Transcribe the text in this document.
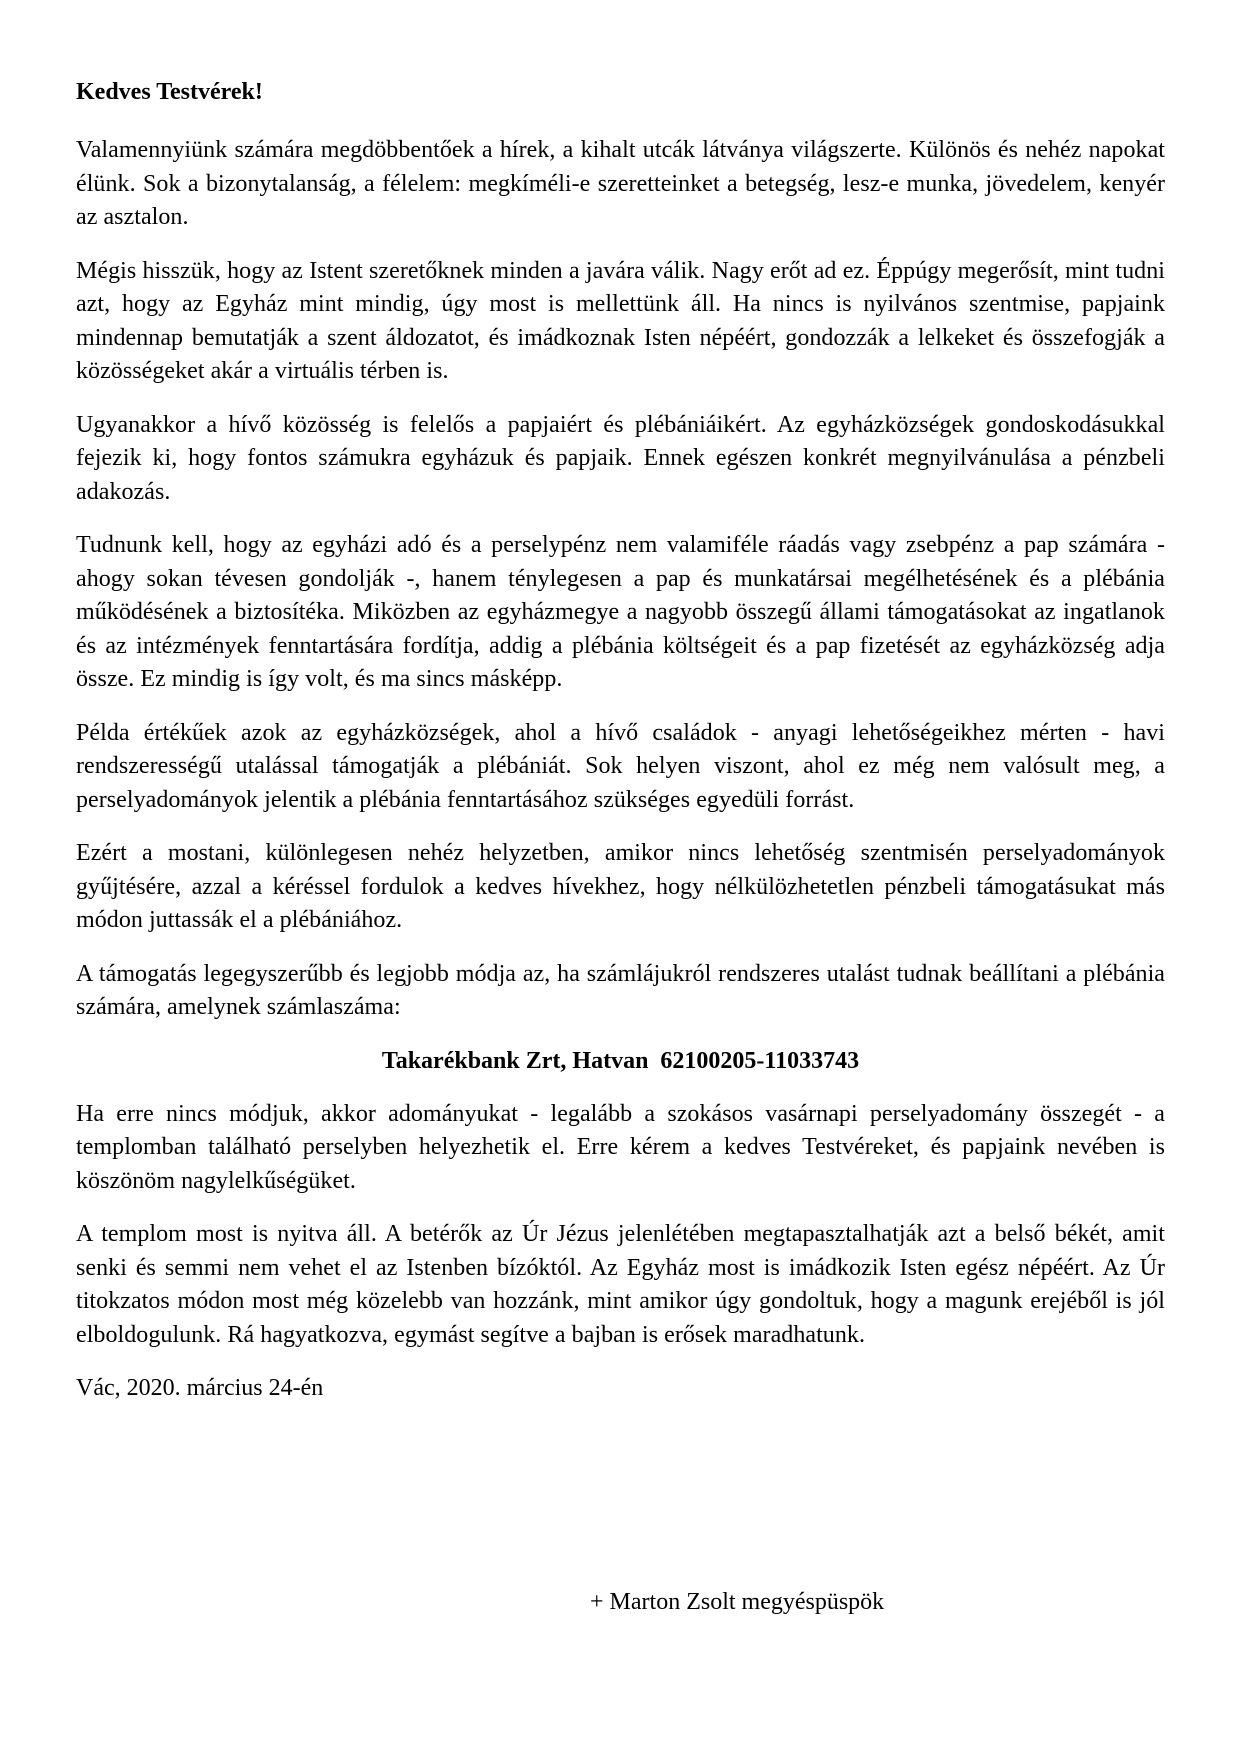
Kedves Testvérek!

Valamennyiünk számára megdöbbentőek a hírek, a kihalt utcák látványa világszerte. Különös és nehéz napokat élünk. Sok a bizonytalanság, a félelem: megkíméli-e szeretteinket a betegség, lesz-e munka, jövedelem, kenyér az asztalon.

Mégis hisszük, hogy az Istent szeretőknek minden a javára válik. Nagy erőt ad ez. Éppúgy megerősít, mint tudni azt, hogy az Egyház mint mindig, úgy most is mellettünk áll. Ha nincs is nyilvános szentmise, papjaink mindennap bemutatják a szent áldozatot, és imádkoznak Isten népéért, gondozzák a lelkeket és összefogják a közösségeket akár a virtuális térben is.

Ugyanakkor a hívő közösség is felelős a papjaiért és plébániáikért. Az egyházközségek gondoskodásukkal fejezik ki, hogy fontos számukra egyházuk és papjaik. Ennek egészen konkrét megnyilvánulása a pénzbeli adakozás.

Tudnunk kell, hogy az egyházi adó és a perselypénz nem valamiféle ráadás vagy zsebpénz a pap számára - ahogy sokan tévesen gondolják -, hanem ténylegesen a pap és munkatársai megélhetésének és a plébánia működésének a biztosítéka. Miközben az egyházmegye a nagyobb összegű állami támogatásokat az ingatlanok és az intézmények fenntartására fordítja, addig a plébánia költségeit és a pap fizetését az egyházközség adja össze. Ez mindig is így volt, és ma sincs másképp.

Példa értékűek azok az egyházközségek, ahol a hívő családok - anyagi lehetőségeikhez mérten - havi rendszerességű utalással támogatják a plébániát. Sok helyen viszont, ahol ez még nem valósult meg, a perselyadományok jelentik a plébánia fenntartásához szükséges egyedüli forrást.

Ezért a mostani, különlegesen nehéz helyzetben, amikor nincs lehetőség szentmisén perselyadományok gyűjtésére, azzal a kéréssel fordulok a kedves hívekhez, hogy nélkülözhetetlen pénzbeli támogatásukat más módon juttassák el a plébániához.

A támogatás legegyszerűbb és legjobb módja az, ha számlájukról rendszeres utalást tudnak beállítani a plébánia számára, amelynek számlaszáma:

Takarékbank Zrt, Hatvan  62100205-11033743

Ha erre nincs módjuk, akkor adományukat - legalább a szokásos vasárnapi perselyadomány összegét - a templomban található perselyben helyezhetik el. Erre kérem a kedves Testvéreket, és papjaink nevében is köszönöm nagylelkűségüket.

A templom most is nyitva áll. A betérők az Úr Jézus jelenlétében megtapasztalhatják azt a belső békét, amit senki és semmi nem vehet el az Istenben bízóktól. Az Egyház most is imádkozik Isten egész népéért. Az Úr titokzatos módon most még közelebb van hozzánk, mint amikor úgy gondoltuk, hogy a magunk erejéből is jól elboldogulunk. Rá hagyatkozva, egymást segítve a bajban is erősek maradhatunk.

Vác, 2020. március 24-én

+ Marton Zsolt megyéspüspök
